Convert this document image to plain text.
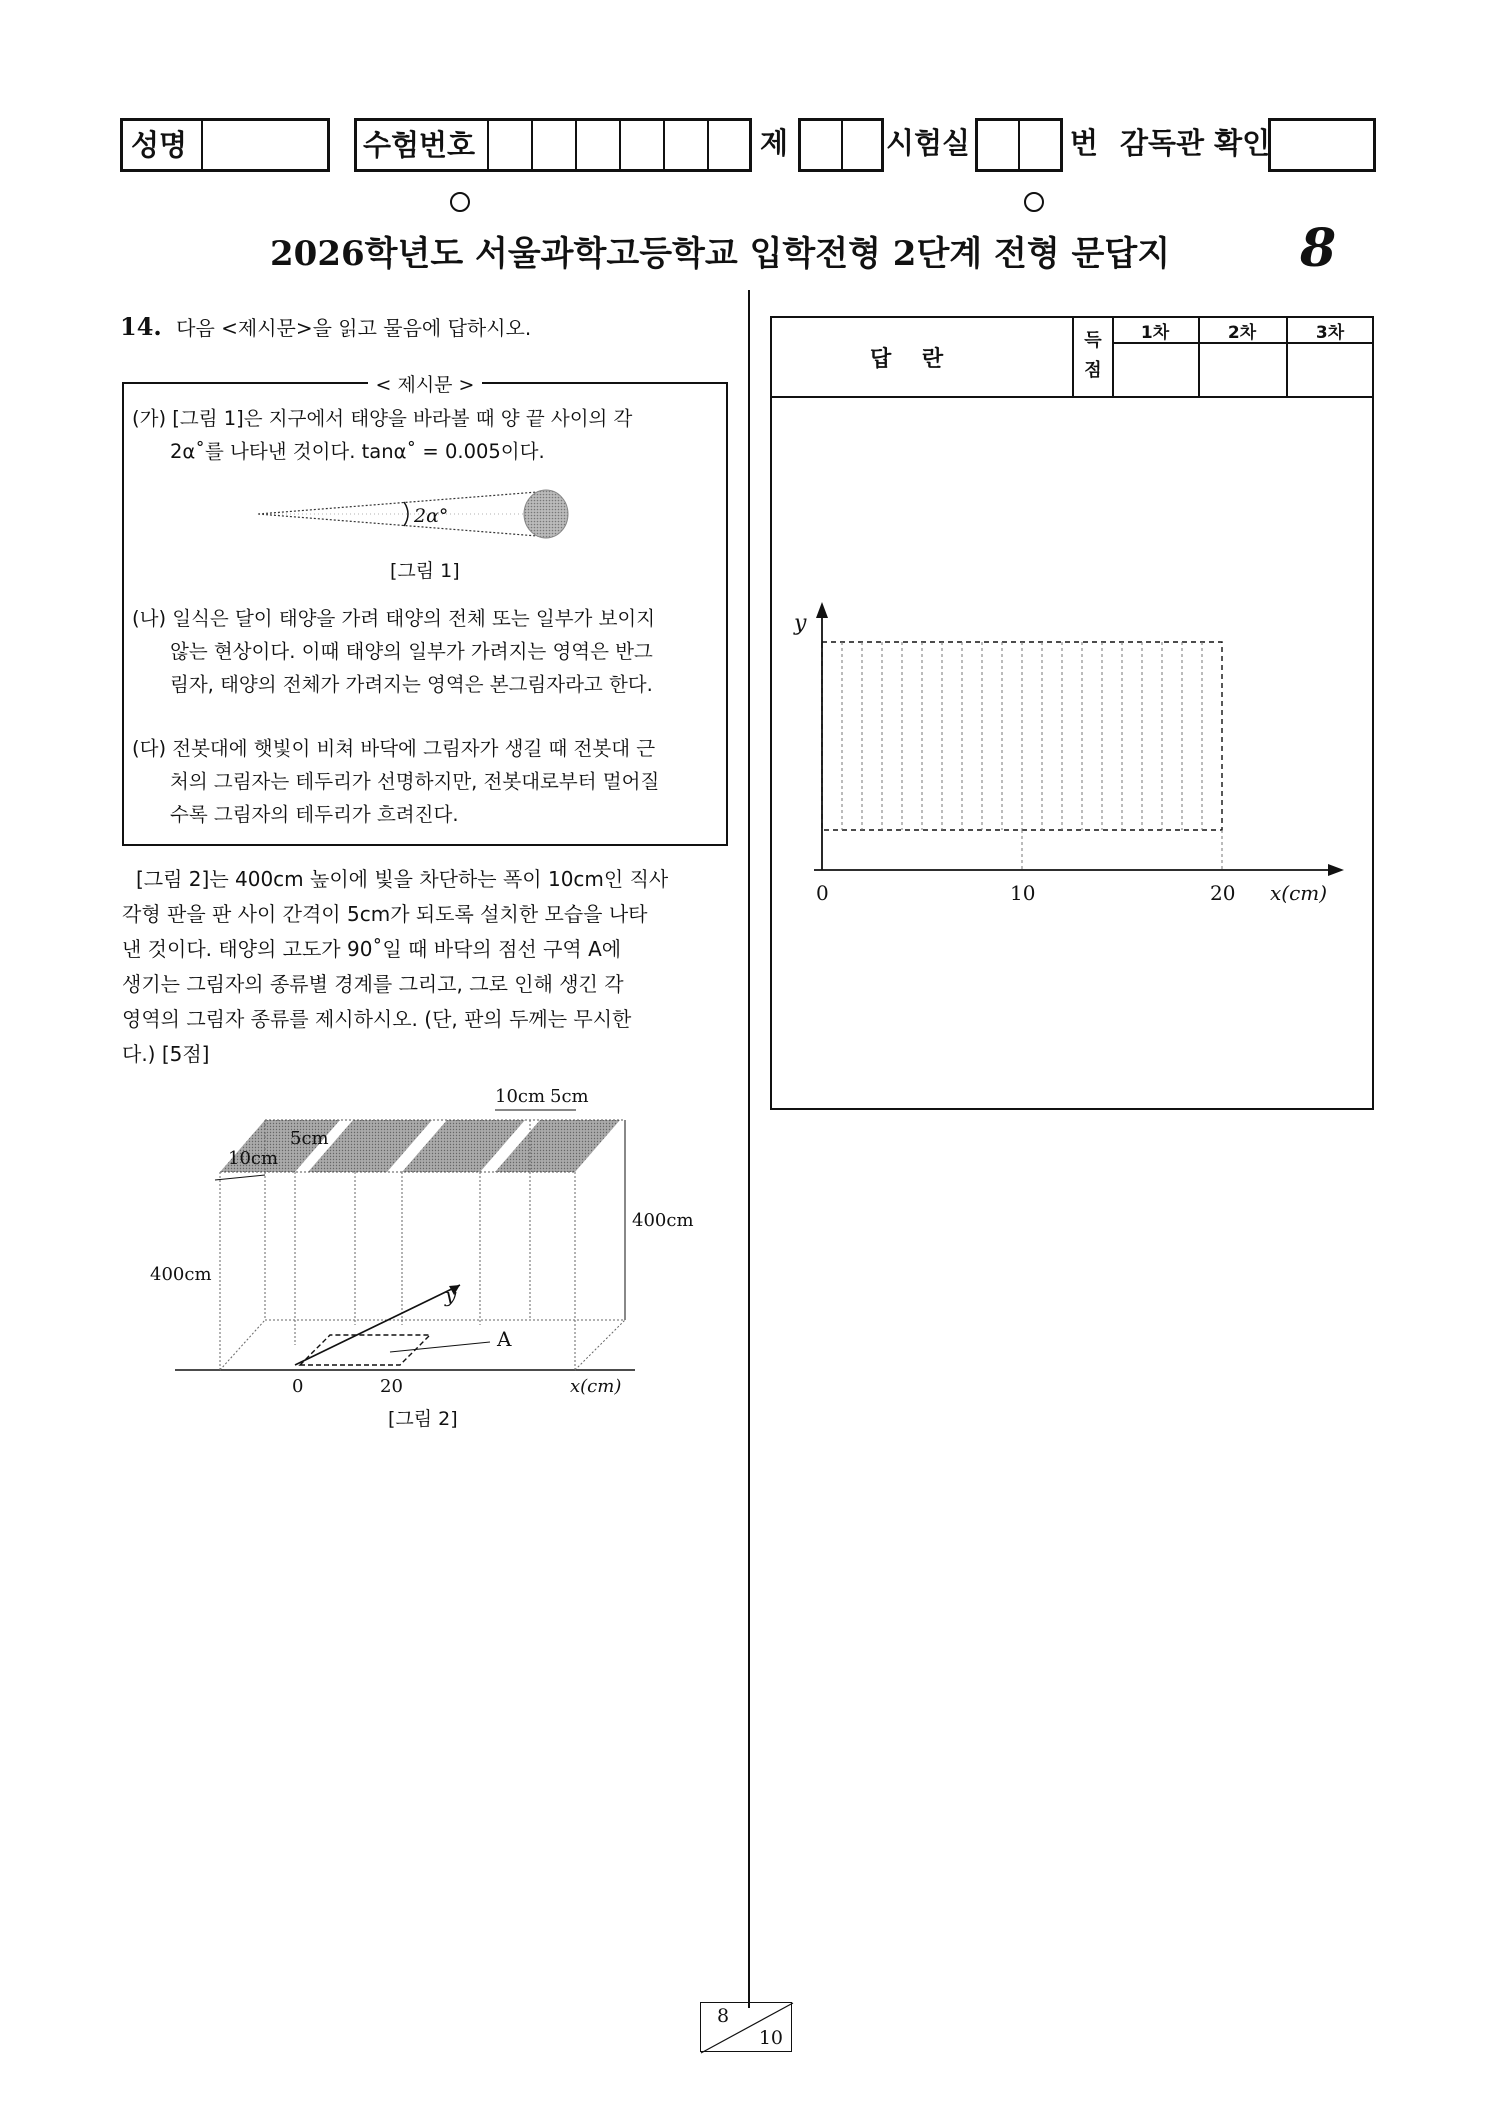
성명	수험번호	제	시험실	번 감독관 확인
2026학년도 서울과학고등학교 입학전형 2단계 전형 문답지 8
14. 다음 <제시문>을 읽고 물음에 답하시오.
< 제시문 >
(가) [그림 1]은 지구에서 태양을 바라볼 때 양 끝 사이의 각
2α˚를 나타낸 것이다. tanα˚ = 0.005이다.
2α°
[그림 1]
(나) 일식은 달이 태양을 가려 태양의 전체 또는 일부가 보이지
않는 현상이다. 이때 태양의 일부가 가려지는 영역은 반그
림자, 태양의 전체가 가려지는 영역은 본그림자라고 한다.
(다) 전봇대에 햇빛이 비쳐 바닥에 그림자가 생길 때 전봇대 근
처의 그림자는 테두리가 선명하지만, 전봇대로부터 멀어질
수록 그림자의 테두리가 흐려진다.
[그림 2]는 400cm 높이에 빛을 차단하는 폭이 10cm인 직사
각형 판을 판 사이 간격이 5cm가 되도록 설치한 모습을 나타
낸 것이다. 태양의 고도가 90˚일 때 바닥의 점선 구역 A에
생기는 그림자의 종류별 경계를 그리고, 그로 인해 생긴 각
영역의 그림자 종류를 제시하시오. (단, 판의 두께는 무시한
다.) [5점]
10cm 5cm
10cm
5cm
400cm
400cm
y
A
0	20	x(cm)
[그림 2]
답    란
득
점
1차	2차	3차
y
0	10	20 x(cm)
8
10
